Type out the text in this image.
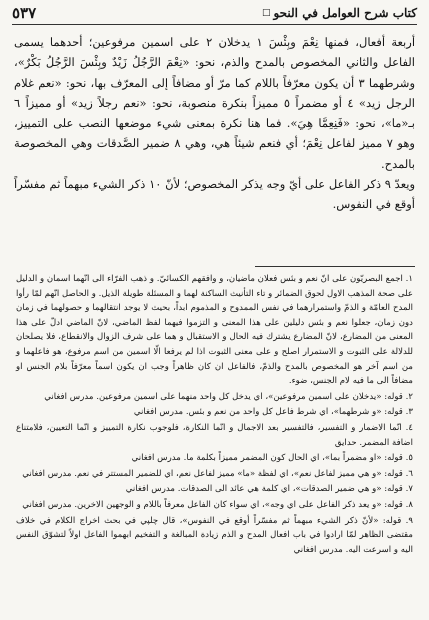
كتاب شرح العوامل في النحو
□
٥٣٧

أربعة أفعال، فمنها نِعْمَ وبِئْسَ ١ يدخلان ٢ على اسمين مرفوعين؛ أحدهما يسمى الفاعل والثاني المخصوص بالمدح والذم، نحو: «نِعْمَ الرَّجُلُ زَيْدٌ وبِئْسَ الرَّجُلُ بَكْرٌ»، وشرطهما ٣ أن يكون معرّفاً باللام كما مرّ أو مضافاً إلى المعرّف بها، نحو: «نعم غلام الرجل زيد» ٤ أو مضمراً ٥ مميزاً بنكرة منصوبة، نحو: «نعم رجلاً زيد» أو مميزاً ٦ بـ«ما»، نحو: «فَنِعِمَّا هِيَ». فما هنا نكرة بمعنى شيء موضعها النصب على التمييز، وهو ٧ مميز لفاعل نِعْمَ؛ أي فنعم شيئاً هي، وهي ٨ ضمير الصَّدقات وهي المخصوصة بالمدح.

ويعدّ ٩ ذكر الفاعل على أيّ وجه يذكر المخصوص؛ لأنّ ١٠ ذكر الشيء مبهماً ثم مفسّراً أوقع في النفوس.

١. اجمع البصريّون على انّ نعم و بئس فعلان ماضيان، و وافقهم الكسائيّ. و ذهب الفرّاء الى انّهما اسمان و الدليل على صحة المذهب الاول لحوق الضمائر و تاء التأنيث الساكنة لهما و المسئلة طويلة الذيل. و الحاصل انّهم لمّا رأوا المدح العامّة و الذمّ واستمرارهما في نفس الممدوح و المذموم ابداً، بحيث لا يوجد انتقالهما و حصولهما في زمان دون زمان، جعلوا نعم و بئس دليلين على هذا المعنى و التزموا فيهما لفظ الماضي، لانّ الماضي ادلّ على هذا المعنى من المضارع، لانّ المضارع يشترك فيه الحال و الاستقبال و هما على شرف الزوال والانقطاع، فلا يصلحان للدلالة على الثبوت و الاستمرار اصلح و على معنى الثبوت اذا لم يرفعا الّا اسمين من اسم مرفوع، هو فاعلهما و من اسم آخر هو المخصوص بالمدح والذمّ، فالفاعل ان كان ظاهراً وجب ان يكون اسماً معرّفاً بلام الجنس او مضافاً الى ما فيه لام الجنس، ضوء.

٢. قوله: «يدخلان على اسمين مرفوعين»، اي يدخل كل واحد منهما على اسمين مرفوعين. مدرس افغاني

٣. قوله: «و شرطهما»، اي شرط فاعل كل واحد من نعم و بئس. مدرس افغاني

٤. انّما الاضمار و التفسير، فالتفسير بعد الاجمال و انّما النكارة، فلوجوب نكارة التمييز و انّما التعيين، فلامتناع اضافة المضمر. حدايق

٥. قوله: «او مضمراً بما»، اي الحال كون المضمر مميزاً بكلمة ما. مدرس افغاني

٦. قوله: «و هي مميز لفاعل نعم»، اي لفظة «ما» مميز لفاعل نعم، اي للضمير المستتر في نعم. مدرس افغاني

٧. قوله: «و هي ضمير الصدقات»، اي كلمة هي عائد الى الصدقات. مدرس افغاني

٨. قوله: «و يعد ذكر الفاعل على اي وجه»، اي سواء كان الفاعل معرفاً باللام و الوجهين الاخرين. مدرس افغاني

٩. قوله: «لأنّ ذكر الشيء مبهماً ثم مفسّراً أوقع في النفوس»، قال چلپي في بحث اخراج الكلام في خلاف مقتضى الظاهر لمّا ارادوا في باب افعال المدح و الذم زيادة المبالغة و التفخيم ابهموا الفاعل اولاً لتشوّق النفس اليه و اسرعت اليه. مدرس افغاني
